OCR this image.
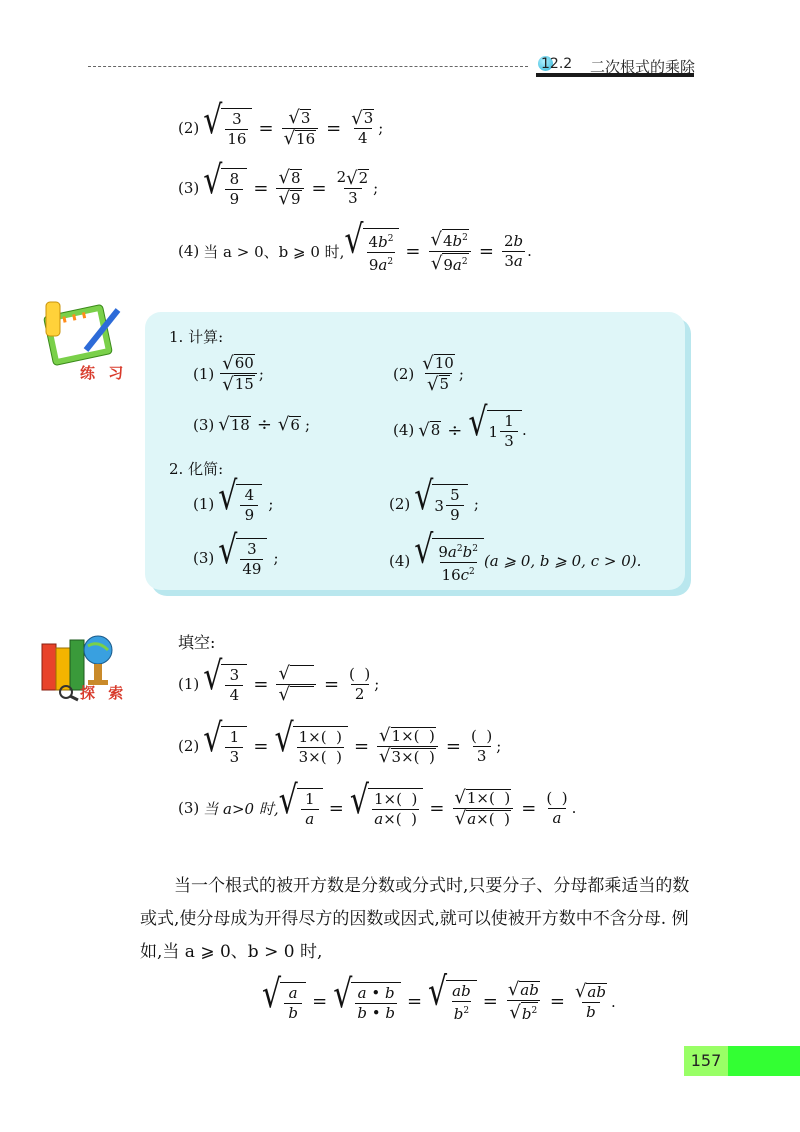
12.2 二次根式的乘除
(2) √ $\frac{3}{16} = \frac{√ 3}{√ 16} = \frac{√ 3}{4}$ ;
(3) √ $\frac{8}{9} = \frac{√ 8}{√ 9} = \frac{2 √ 2}{3}$ ;
(4) 当 a > 0、b ⩾ 0 时, √ $\frac{4b^2}{9a^2} = \frac{√ 4b^2}{√ 9a^2} = \frac{2b}{3a}$ .
练 习
1. 计算:
$(1) \frac{√ 60}{√ 15}$ ;	$(2) \frac{√ 10}{√ 5}$ ;
(3) √ 18 ÷ √ 6 ;	(4) √ 8 ÷ √ $1 \frac{1}{3}$ .
2. 化简:
(1) √ $\frac{4}{9}$ ;	(2) √ $3 \frac{5}{9}$ ;
(3) √ $\frac{3}{49}$ ;	(4) √ $\frac{9a^2b^2}{16c^2} (a$ ⩾ 0, b ⩾ 0, c > 0).
探 索
填空:
(1) √ $\frac{3}{4} = \frac{√}{√}$
= $\frac{( )}{2}$ ;
(2) √ $\frac{1}{3}$ = √ $\frac{1\times( )}{3\times( )} = \frac{√ 1\times( )}{√ 3\times( )} = \frac{( )}{3}$ ;
(3) 当 a>0 时, √ $\frac{1}{a}$ = √ $\frac{1\times( )}{a\times( )} = \frac{√ 1\times( )}{√ a\times( )} = \frac{( )}{a}$ .

当一个根式的被开方数是分数或分式时,只要分子、分母都乘适当的数或式,使分母成为开得尽方的因数或因式,就可以使被开方数中不含分母. 例如,当 a ⩾ 0、b > 0 时,

√ $\frac{a}{b}$ = √ $\frac{a • b}{b • b}$ = √ $\frac{ab}{b^2} = \frac{√ ab}{√ b^2} = \frac{√ ab}{b}$ .
157
